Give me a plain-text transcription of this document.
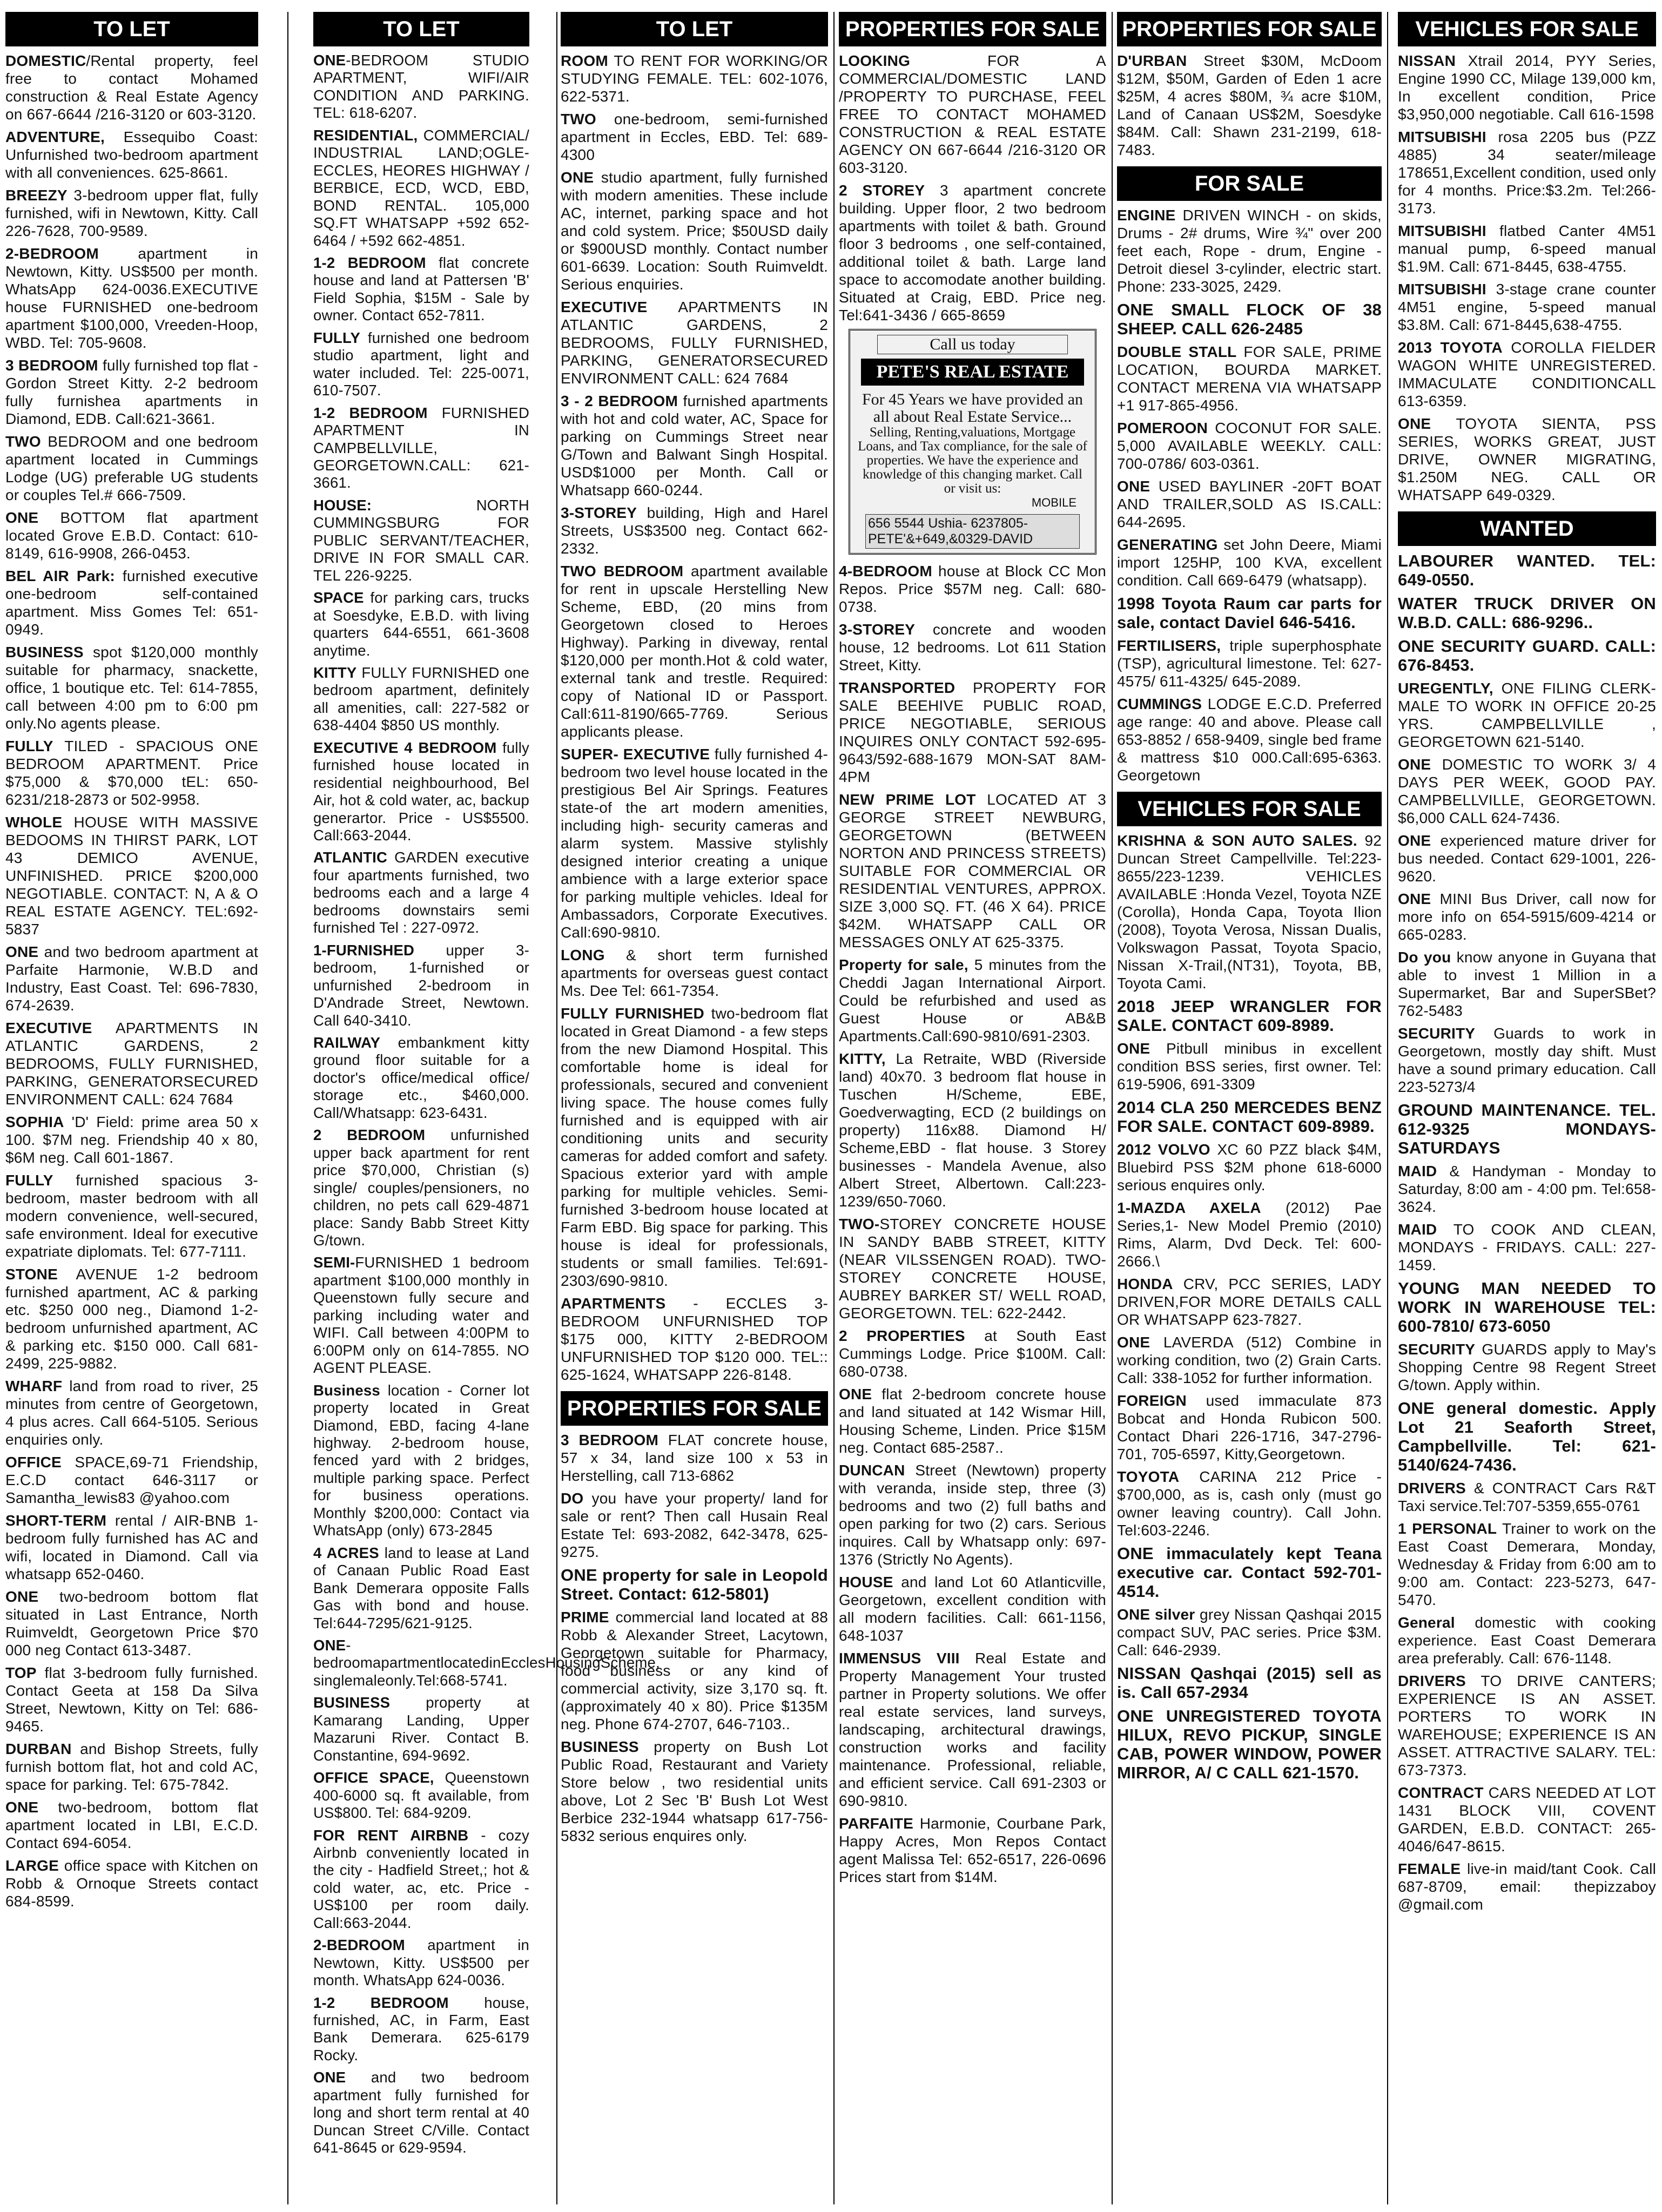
TO LET
DOMESTIC/Rental property, feel free to contact Mohamed construction & Real Estate Agency on 667-6644 /216-3120 or 603-3120.
ADVENTURE, Essequibo Coast: Unfurnished two-bedroom apartment with all conveniences. 625-8661.
BREEZY 3-bedroom upper flat, fully furnished, wifi in Newtown, Kitty. Call 226-7628, 700-9589.
2-BEDROOM apartment in Newtown, Kitty. US$500 per month. WhatsApp 624-0036.EXECUTIVE house FURNISHED one-bedroom apartment $100,000, Vreeden-Hoop, WBD. Tel: 705-9608.
3 BEDROOM fully furnished top flat - Gordon Street Kitty. 2-2 bedroom fully furnishea apartments in Diamond, EDB. Call:621-3661.
TWO BEDROOM and one bedroom apartment located in Cummings Lodge (UG) preferable UG students or couples Tel.# 666-7509.
ONE BOTTOM flat apartment located Grove E.B.D. Contact: 610-8149, 616-9908, 266-0453.
BEL AIR Park: furnished executive one-bedroom self-contained apartment. Miss Gomes Tel: 651-0949.
BUSINESS spot $120,000 monthly suitable for pharmacy, snackette, office, 1 boutique etc. Tel: 614-7855, call between 4:00 pm to 6:00 pm only.No agents please.
FULLY TILED - SPACIOUS ONE BEDROOM APARTMENT. Price $75,000 & $70,000 tEL: 650-6231/218-2873 or 502-9958.
WHOLE HOUSE WITH MASSIVE BEDOOMS IN THIRST PARK, LOT 43 DEMICO AVENUE, UNFINISHED. PRICE $200,000 NEGOTIABLE. CONTACT: N, A & O REAL ESTATE AGENCY. TEL:692-5837
ONE and two bedroom apartment at Parfaite Harmonie, W.B.D and Industry, East Coast. Tel: 696-7830, 674-2639.
EXECUTIVE APARTMENTS IN ATLANTIC GARDENS, 2 BEDROOMS, FULLY FURNISHED, PARKING, GENERATORSECURED ENVIRONMENT CALL: 624 7684
SOPHIA 'D' Field: prime area 50 x 100. $7M neg. Friendship 40 x 80, $6M neg. Call 601-1867.
FULLY furnished spacious 3-bedroom, master bedroom with all modern convenience, well-secured, safe environment. Ideal for executive expatriate diplomats. Tel: 677-7111.
STONE AVENUE 1-2 bedroom furnished apartment, AC & parking etc. $250 000 neg., Diamond 1-2-bedroom unfurnished apartment, AC & parking etc. $150 000. Call 681-2499, 225-9882.
WHARF land from road to river, 25 minutes from centre of Georgetown, 4 plus acres. Call 664-5105. Serious enquiries only.
OFFICE SPACE,69-71 Friendship, E.C.D contact 646-3117 or Samantha_lewis83 @yahoo.com
SHORT-TERM rental / AIR-BNB 1-bedroom fully furnished has AC and wifi, located in Diamond. Call via whatsapp 652-0460.
ONE two-bedroom bottom flat situated in Last Entrance, North Ruimveldt, Georgetown Price $70 000 neg Contact 613-3487.
TOP flat 3-bedroom fully furnished. Contact Geeta at 158 Da Silva Street, Newtown, Kitty on Tel: 686-9465.
DURBAN and Bishop Streets, fully furnish bottom flat, hot and cold AC, space for parking. Tel: 675-7842.
ONE two-bedroom, bottom flat apartment located in LBI, E.C.D. Contact 694-6054.
LARGE office space with Kitchen on Robb & Ornoque Streets contact 684-8599.
TO LET
ONE-BEDROOM STUDIO APARTMENT, WIFI/AIR CONDITION AND PARKING. TEL: 618-6207.
RESIDENTIAL, COMMERCIAL/ INDUSTRIAL LAND;OGLE-ECCLES, HEORES HIGHWAY / BERBICE, ECD, WCD, EBD, BOND RENTAL. 105,000 SQ.FT WHATSAPP +592 652-6464 / +592 662-4851.
1-2 BEDROOM flat concrete house and land at Pattersen 'B' Field Sophia, $15M - Sale by owner. Contact 652-7811.
FULLY furnished one bedroom studio apartment, light and water included. Tel: 225-0071, 610-7507.
1-2 BEDROOM FURNISHED APARTMENT IN CAMPBELLVILLE, GEORGETOWN.CALL: 621-3661.
HOUSE: NORTH CUMMINGSBURG FOR PUBLIC SERVANT/TEACHER, DRIVE IN FOR SMALL CAR. TEL 226-9225.
SPACE for parking cars, trucks at Soesdyke, E.B.D. with living quarters 644-6551, 661-3608 anytime.
KITTY FULLY FURNISHED one bedroom apartment, definitely all amenities, call: 227-582 or 638-4404 $850 US monthly.
EXECUTIVE 4 BEDROOM fully furnished house located in residential neighbourhood, Bel Air, hot & cold water, ac, backup generartor. Price - US$5500. Call:663-2044.
ATLANTIC GARDEN executive four apartments furnished, two bedrooms each and a large 4 bedrooms downstairs semi furnished Tel : 227-0972.
1-FURNISHED upper 3-bedroom, 1-furnished or unfurnished 2-bedroom in D'Andrade Street, Newtown. Call 640-3410.
RAILWAY embankment kitty ground floor suitable for a doctor's office/medical office/ storage etc., $460,000. Call/Whatsapp: 623-6431.
2 BEDROOM unfurnished upper back apartment for rent price $70,000, Christian (s) single/ couples/pensioners, no children, no pets call 629-4871 place: Sandy Babb Street Kitty G/town.
SEMI-FURNISHED 1 bedroom apartment $100,000 monthly in Queenstown fully secure and parking including water and WIFI. Call between 4:00PM to 6:00PM only on 614-7855. NO AGENT PLEASE.
Business location - Corner lot property located in Great Diamond, EBD, facing 4-lane highway. 2-bedroom house, fenced yard with 2 bridges, multiple parking space. Perfect for business operations. Monthly $200,000: Contact via WhatsApp (only) 673-2845
4 ACRES land to lease at Land of Canaan Public Road East Bank Demerara opposite Falls Gas with bond and house. Tel:644-7295/621-9125.
ONE-bedroomapartmentlocatedinEcclesHousingScheme, singlemaleonly.Tel:668-5741.
BUSINESS property at Kamarang Landing, Upper Mazaruni River. Contact B. Constantine, 694-9692.
OFFICE SPACE, Queenstown 400-6000 sq. ft available, from US$800. Tel: 684-9209.
FOR RENT AIRBNB - cozy Airbnb conveniently located in the city - Hadfield Street,; hot & cold water, ac, etc. Price - US$100 per room daily. Call:663-2044.
2-BEDROOM apartment in Newtown, Kitty. US$500 per month. WhatsApp 624-0036.
1-2 BEDROOM house, furnished, AC, in Farm, East Bank Demerara. 625-6179 Rocky.
ONE and two bedroom apartment fully furnished for long and short term rental at 40 Duncan Street C/Ville. Contact 641-8645 or 629-9594.
TO LET
ROOM TO RENT FOR WORKING/OR STUDYING FEMALE. TEL: 602-1076, 622-5371.
TWO one-bedroom, semi-furnished apartment in Eccles, EBD. Tel: 689-4300
ONE studio apartment, fully furnished with modern amenities. These include AC, internet, parking space and hot and cold system. Price; $50USD daily or $900USD monthly. Contact number 601-6639. Location: South Ruimveldt. Serious enquiries.
EXECUTIVE APARTMENTS IN ATLANTIC GARDENS, 2 BEDROOMS, FULLY FURNISHED, PARKING, GENERATORSECURED ENVIRONMENT CALL: 624 7684
3 - 2 BEDROOM furnished apartments with hot and cold water, AC, Space for parking on Cummings Street near G/Town and Balwant Singh Hospital. USD$1000 per Month. Call or Whatsapp 660-0244.
3-STOREY building, High and Harel Streets, US$3500 neg. Contact 662-2332.
TWO BEDROOM apartment available for rent in upscale Herstelling New Scheme, EBD, (20 mins from Georgetown closed to Heroes Highway). Parking in diveway, rental $120,000 per month.Hot & cold water, external tank and trestle. Required: copy of National ID or Passport. Call:611-8190/665-7769. Serious applicants please.
SUPER- EXECUTIVE fully furnished 4-bedroom two level house located in the prestigious Bel Air Springs. Features state-of the art modern amenities, including high- security cameras and alarm system. Massive stylishly designed interior creating a unique ambience with a large exterior space for parking multiple vehicles. Ideal for Ambassadors, Corporate Executives. Call:690-9810.
LONG & short term furnished apartments for overseas guest contact Ms. Dee Tel: 661-7354.
FULLY FURNISHED two-bedroom flat located in Great Diamond - a few steps from the new Diamond Hospital. This comfortable home is ideal for professionals, secured and convenient living space. The house comes fully furnished and is equipped with air conditioning units and security cameras for added comfort and safety. Spacious exterior yard with ample parking for multiple vehicles. Semi- furnished 3-bedroom house located at Farm EBD. Big space for parking. This house is ideal for professionals, students or small families. Tel:691-2303/690-9810.
APARTMENTS - ECCLES 3-BEDROOM UNFURNISHED TOP $175 000, KITTY 2-BEDROOM UNFURNISHED TOP $120 000. TEL:: 625-1624, WHATSAPP 226-8148.
PROPERTIES FOR SALE
3 BEDROOM FLAT concrete house, 57 x 34, land size 100 x 53 in Herstelling, call 713-6862
DO you have your property/ land for sale or rent? Then call Husain Real Estate Tel: 693-2082, 642-3478, 625-9275.
ONE property for sale in Leopold Street. Contact: 612-5801)
PRIME commercial land located at 88 Robb & Alexander Street, Lacytown, Georgetown suitable for Pharmacy, food business or any kind of commercial activity, size 3,170 sq. ft. (approximately 40 x 80). Price $135M neg. Phone 674-2707, 646-7103..
BUSINESS property on Bush Lot Public Road, Restaurant and Variety Store below , two residential units above, Lot 2 Sec 'B' Bush Lot West Berbice 232-1944 whatsapp 617-756-5832 serious enquires only.
PROPERTIES FOR SALE
LOOKING FOR A COMMERCIAL/DOMESTIC LAND /PROPERTY TO PURCHASE, FEEL FREE TO CONTACT MOHAMED CONSTRUCTION & REAL ESTATE AGENCY ON 667-6644 /216-3120 OR 603-3120.
2 STOREY 3 apartment concrete building. Upper floor, 2 two bedroom apartments with toilet & bath. Ground floor 3 bedrooms , one self-contained, additional toilet & bath. Large land space to accomodate another building. Situated at Craig, EBD. Price neg. Tel:641-3436 / 665-8659
Call us today
PETE'S REAL ESTATE
For 45 Years we have provided an all about Real Estate Service...
Selling, Renting,valuations, Mortgage Loans, and Tax compliance, for the sale of properties. We have the experience and knowledge of this changing market. Call or visit us:
MOBILE
656 5544 Ushia- 6237805- PETE'&+649,&0329-DAVID
4-BEDROOM house at Block CC Mon Repos. Price $57M neg. Call: 680-0738.
3-STOREY concrete and wooden house, 12 bedrooms. Lot 611 Station Street, Kitty.
TRANSPORTED PROPERTY FOR SALE BEEHIVE PUBLIC ROAD, PRICE NEGOTIABLE, SERIOUS INQUIRES ONLY CONTACT 592-695-9643/592-688-1679 MON-SAT 8AM-4PM
NEW PRIME LOT LOCATED AT 3 GEORGE STREET NEWBURG, GEORGETOWN (BETWEEN NORTON AND PRINCESS STREETS) SUITABLE FOR COMMERCIAL OR RESIDENTIAL VENTURES, APPROX. SIZE 3,000 SQ. FT. (46 X 64). PRICE $42M. WHATSAPP CALL OR MESSAGES ONLY AT 625-3375.
Property for sale, 5 minutes from the Cheddi Jagan International Airport. Could be refurbished and used as Guest House or AB&B Apartments.Call:690-9810/691-2303.
KITTY, La Retraite, WBD (Riverside land) 40x70. 3 bedroom flat house in Tuschen H/Scheme, EBE, Goedverwagting, ECD (2 buildings on property) 116x88. Diamond H/ Scheme,EBD - flat house. 3 Storey businesses - Mandela Avenue, also Albert Street, Albertown. Call:223-1239/650-7060.
TWO-STOREY CONCRETE HOUSE IN SANDY BABB STREET, KITTY (NEAR VILSSENGEN ROAD). TWO-STOREY CONCRETE HOUSE, AUBREY BARKER ST/ WELL ROAD, GEORGETOWN. TEL: 622-2442.
2 PROPERTIES at South East Cummings Lodge. Price $100M. Call: 680-0738.
ONE flat 2-bedroom concrete house and land situated at 142 Wismar Hill, Housing Scheme, Linden. Price $15M neg. Contact 685-2587..
DUNCAN Street (Newtown) property with veranda, inside step, three (3) bedrooms and two (2) full baths and open parking for two (2) cars. Serious inquires. Call by Whatsapp only: 697-1376 (Strictly No Agents).
HOUSE and land Lot 60 Atlanticville, Georgetown, excellent condition with all modern facilities. Call: 661-1156, 648-1037
IMMENSUS VIII Real Estate and Property Management Your trusted partner in Property solutions. We offer real estate services, land surveys, landscaping, architectural drawings, construction works and facility maintenance. Professional, reliable, and efficient service. Call 691-2303 or 690-9810.
PARFAITE Harmonie, Courbane Park, Happy Acres, Mon Repos Contact agent Malissa Tel: 652-6517, 226-0696 Prices start from $14M.
PROPERTIES FOR SALE
D'URBAN Street $30M, McDoom $12M, $50M, Garden of Eden 1 acre $25M, 4 acres $80M, ¾ acre $10M, Land of Canaan US$2M, Soesdyke $84M. Call: Shawn 231-2199, 618-7483.
FOR SALE
ENGINE DRIVEN WINCH - on skids, Drums - 2# drums, Wire ¾" over 200 feet each, Rope - drum, Engine - Detroit diesel 3-cylinder, electric start. Phone: 233-3025, 2429.
ONE SMALL FLOCK OF 38 SHEEP. CALL 626-2485
DOUBLE STALL FOR SALE, PRIME LOCATION, BOURDA MARKET. CONTACT MERENA VIA WHATSAPP +1 917-865-4956.
POMEROON COCONUT FOR SALE. 5,000 AVAILABLE WEEKLY. CALL: 700-0786/ 603-0361.
ONE USED BAYLINER -20FT BOAT AND TRAILER,SOLD AS IS.CALL: 644-2695.
GENERATING set John Deere, Miami import 125HP, 100 KVA, excellent condition. Call 669-6479 (whatsapp).
1998 Toyota Raum car parts for sale, contact Daviel 646-5416.
FERTILISERS, triple superphosphate (TSP), agricultural limestone. Tel: 627-4575/ 611-4325/ 645-2089.
CUMMINGS LODGE E.C.D. Preferred age range: 40 and above. Please call 653-8852 / 658-9409, single bed frame & mattress $10 000.Call:695-6363. Georgetown
VEHICLES FOR SALE
KRISHNA & SON AUTO SALES. 92 Duncan Street Campellville. Tel:223-8655/223-1239. VEHICLES AVAILABLE :Honda Vezel, Toyota NZE (Corolla), Honda Capa, Toyota Ilion (2008), Toyota Verosa, Nissan Dualis, Volkswagon Passat, Toyota Spacio, Nissan X-Trail,(NT31), Toyota, BB, Toyota Cami.
2018 JEEP WRANGLER FOR SALE. CONTACT 609-8989.
ONE Pitbull minibus in excellent condition BSS series, first owner. Tel: 619-5906, 691-3309
2014 CLA 250 MERCEDES BENZ FOR SALE. CONTACT 609-8989.
2012 VOLVO XC 60 PZZ black $4M, Bluebird PSS $2M phone 618-6000 serious enquires only.
1-MAZDA AXELA (2012) Pae Series,1- New Model Premio (2010) Rims, Alarm, Dvd Deck. Tel: 600-2666.\
HONDA CRV, PCC SERIES, LADY DRIVEN,FOR MORE DETAILS CALL OR WHATSAPP 623-7827.
ONE LAVERDA (512) Combine in working condition, two (2) Grain Carts. Call: 338-1052 for further information.
FOREIGN used immaculate 873 Bobcat and Honda Rubicon 500. Contact Dhari 226-1716, 347-2796-701, 705-6597, Kitty,Georgetown.
TOYOTA CARINA 212 Price - $700,000, as is, cash only (must go owner leaving country). Call John. Tel:603-2246.
ONE immaculately kept Teana executive car. Contact 592-701-4514.
ONE silver grey Nissan Qashqai 2015 compact SUV, PAC series. Price $3M. Call: 646-2939.
NISSAN Qashqai (2015) sell as is. Call 657-2934
ONE UNREGISTERED TOYOTA HILUX, REVO PICKUP, SINGLE CAB, POWER WINDOW, POWER MIRROR, A/ C CALL 621-1570.
VEHICLES FOR SALE
NISSAN Xtrail 2014, PYY Series, Engine 1990 CC, Milage 139,000 km, In excellent condition, Price $3,950,000 negotiable. Call 616-1598
MITSUBISHI rosa 2205 bus (PZZ 4885) 34 seater/mileage 178651,Excellent condition, used only for 4 months. Price:$3.2m. Tel:266-3173.
MITSUBISHI flatbed Canter 4M51 manual pump, 6-speed manual $1.9M. Call: 671-8445, 638-4755.
MITSUBISHI 3-stage crane counter 4M51 engine, 5-speed manual $3.8M. Call: 671-8445,638-4755.
2013 TOYOTA COROLLA FIELDER WAGON WHITE UNREGISTERED. IMMACULATE CONDITIONCALL 613-6359.
ONE TOYOTA SIENTA, PSS SERIES, WORKS GREAT, JUST DRIVE, OWNER MIGRATING, $1.250M NEG. CALL OR WHATSAPP 649-0329.
WANTED
LABOURER WANTED. TEL: 649-0550.
WATER TRUCK DRIVER ON W.B.D. CALL: 686-9296..
ONE SECURITY GUARD. CALL: 676-8453.
UREGENTLY, ONE FILING CLERK- MALE TO WORK IN OFFICE 20-25 YRS. CAMPBELLVILLE , GEORGETOWN 621-5140.
ONE DOMESTIC TO WORK 3/ 4 DAYS PER WEEK, GOOD PAY. CAMPBELLVILLE, GEORGETOWN. $6,000 CALL 624-7436.
ONE experienced mature driver for bus needed. Contact 629-1001, 226-9620.
ONE MINI Bus Driver, call now for more info on 654-5915/609-4214 or 665-0283.
Do you know anyone in Guyana that able to invest 1 Million in a Supermarket, Bar and SuperSBet? 762-5483
SECURITY Guards to work in Georgetown, mostly day shift. Must have a sound primary education. Call 223-5273/4
GROUND MAINTENANCE. TEL. 612-9325 MONDAYS-SATURDAYS
MAID & Handyman - Monday to Saturday, 8:00 am - 4:00 pm. Tel:658-3624.
MAID TO COOK AND CLEAN, MONDAYS - FRIDAYS. CALL: 227-1459.
YOUNG MAN NEEDED TO WORK IN WAREHOUSE TEL: 600-7810/ 673-6050
SECURITY GUARDS apply to May's Shopping Centre 98 Regent Street G/town. Apply within.
ONE general domestic. Apply Lot 21 Seaforth Street, Campbellville. Tel: 621-5140/624-7436.
DRIVERS & CONTRACT Cars R&T Taxi service.Tel:707-5359,655-0761
1 PERSONAL Trainer to work on the East Coast Demerara, Monday, Wednesday & Friday from 6:00 am to 9:00 am. Contact: 223-5273, 647-5470.
General domestic with cooking experience. East Coast Demerara area preferably. Call: 676-1148.
DRIVERS TO DRIVE CANTERS; EXPERIENCE IS AN ASSET. PORTERS TO WORK IN WAREHOUSE; EXPERIENCE IS AN ASSET. ATTRACTIVE SALARY. TEL: 673-7373.
CONTRACT CARS NEEDED AT LOT 1431 BLOCK VIII, COVENT GARDEN, E.B.D. CONTACT: 265-4046/647-8615.
FEMALE live-in maid/tant Cook. Call 687-8709, email: thepizzaboy @gmail.com
